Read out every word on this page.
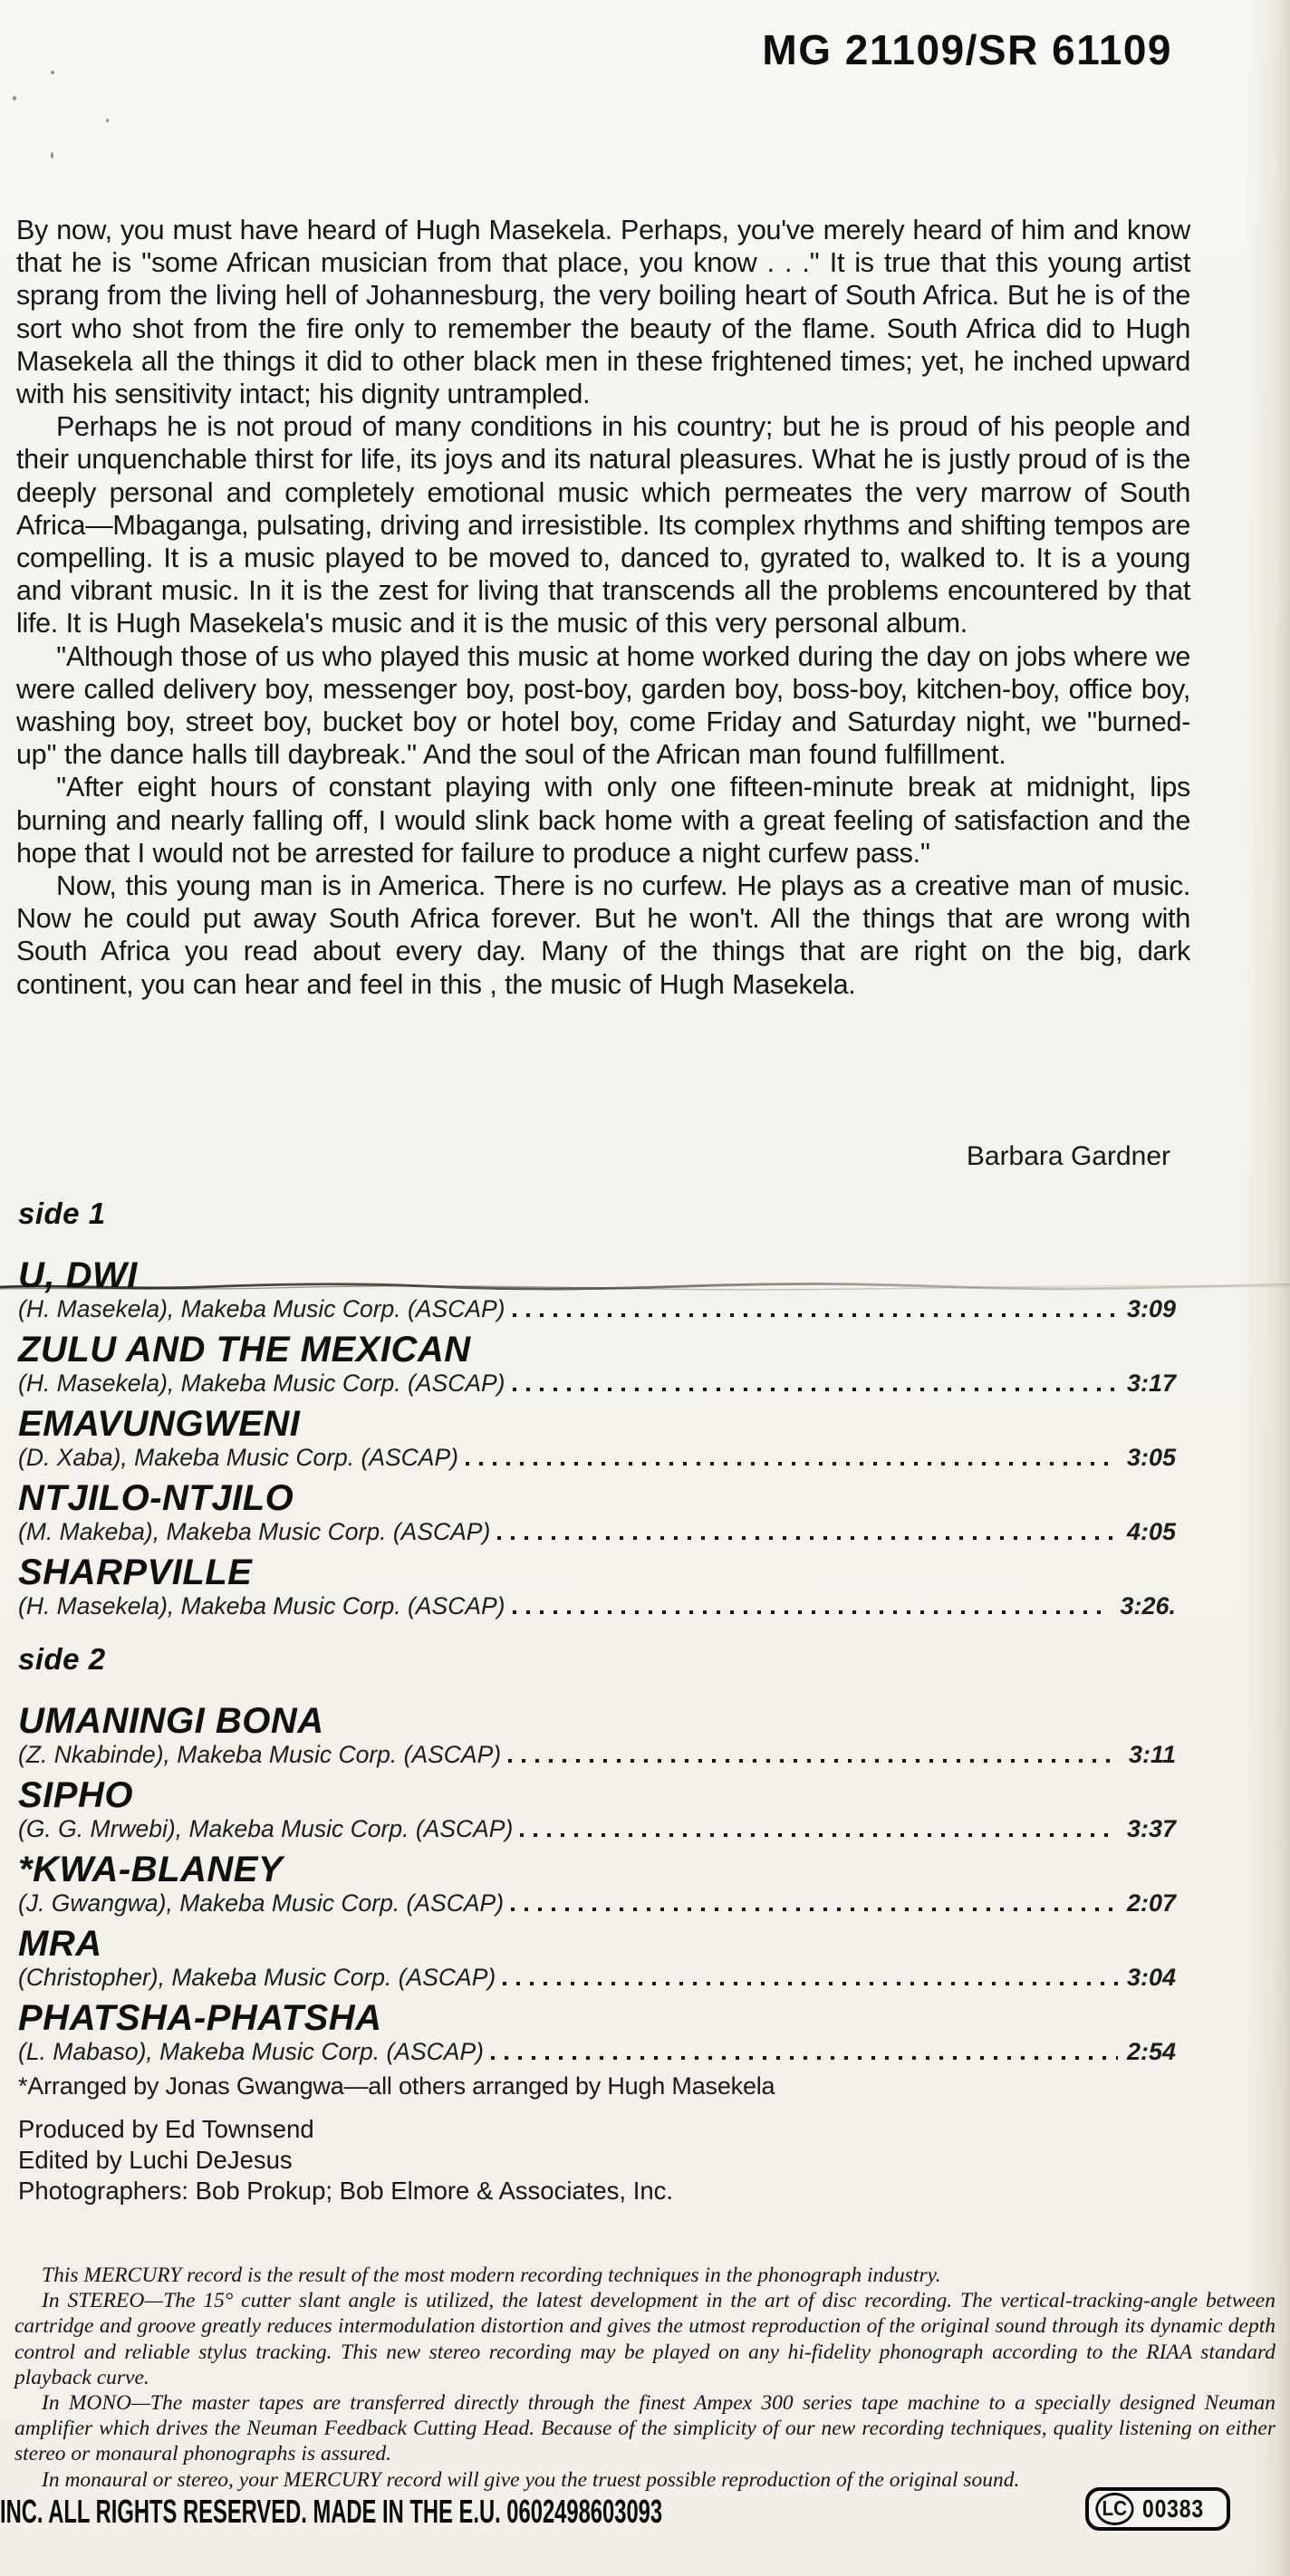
MG 21109/SR 61109

By now, you must have heard of Hugh Masekela. Perhaps, you've merely heard of him and know that he is ''some African musician from that place, you know . . .'' It is true that this young artist sprang from the living hell of Johannesburg, the very boiling heart of South Africa. But he is of the sort who shot from the fire only to remember the beauty of the flame. South Africa did to Hugh Masekela all the things it did to other black men in these frightened times; yet, he inched upward with his sensitivity intact; his dignity untrampled.

Perhaps he is not proud of many conditions in his country; but he is proud of his people and their unquenchable thirst for life, its joys and its natural pleasures. What he is justly proud of is the deeply personal and completely emotional music which permeates the very marrow of South Africa—Mbaganga, pulsating, driving and irresistible. Its complex rhythms and shifting tempos are compelling. It is a music played to be moved to, danced to, gyrated to, walked to. It is a young and vibrant music. In it is the zest for living that transcends all the problems encountered by that life. It is Hugh Masekela's music and it is the music of this very personal album.

''Although those of us who played this music at home worked during the day on jobs where we were called delivery boy, messenger boy, post-boy, garden boy, boss-boy, kitchen-boy, office boy, washing boy, street boy, bucket boy or hotel boy, come Friday and Saturday night, we ''burned-up'' the dance halls till daybreak.'' And the soul of the African man found fulfillment.

''After eight hours of constant playing with only one fifteen-minute break at midnight, lips burning and nearly falling off, I would slink back home with a great feeling of satisfaction and the hope that I would not be arrested for failure to produce a night curfew pass.''

Now, this young man is in America. There is no curfew. He plays as a creative man of music. Now he could put away South Africa forever. But he won't. All the things that are wrong with South Africa you read about every day. Many of the things that are right on the big, dark continent, you can hear and feel in this , the music of Hugh Masekela.

Barbara Gardner
side 1
U, DWI
(H. Masekela), Makeba Music Corp. (ASCAP)	3:09
ZULU AND THE MEXICAN
(H. Masekela), Makeba Music Corp. (ASCAP)	3:17
EMAVUNGWENI
(D. Xaba), Makeba Music Corp. (ASCAP)	3:05
NTJILO-NTJILO
(M. Makeba), Makeba Music Corp. (ASCAP)	4:05
SHARPVILLE
(H. Masekela), Makeba Music Corp. (ASCAP)	3:26.
side 2
UMANINGI BONA
(Z. Nkabinde), Makeba Music Corp. (ASCAP)	3:11
SIPHO
(G. G. Mrwebi), Makeba Music Corp. (ASCAP)	3:37
*KWA-BLANEY
(J. Gwangwa), Makeba Music Corp. (ASCAP)	2:07
MRA
(Christopher), Makeba Music Corp. (ASCAP)	3:04
PHATSHA-PHATSHA
(L. Mabaso), Makeba Music Corp. (ASCAP)	2:54
*Arranged by Jonas Gwangwa—all others arranged by Hugh Masekela
Produced by Ed Townsend
Edited by Luchi DeJesus
Photographers: Bob Prokup; Bob Elmore & Associates, Inc.

This MERCURY record is the result of the most modern recording techniques in the phonograph industry.

In STEREO—The 15° cutter slant angle is utilized, the latest development in the art of disc recording. The vertical-tracking-angle between cartridge and groove greatly reduces intermodulation distortion and gives the utmost reproduction of the original sound through its dynamic depth control and reliable stylus tracking. This new stereo recording may be played on any hi-fidelity phonograph according to the RIAA standard playback curve.

In MONO—The master tapes are transferred directly through the finest Ampex 300 series tape machine to a specially designed Neuman amplifier which drives the Neuman Feedback Cutting Head. Because of the simplicity of our new recording techniques, quality listening on either stereo or monaural phonographs is assured.

In monaural or stereo, your MERCURY record will give you the truest possible reproduction of the original sound.

INC. ALL RIGHTS RESERVED. MADE IN THE E.U. 0602498603093	LC 00383
